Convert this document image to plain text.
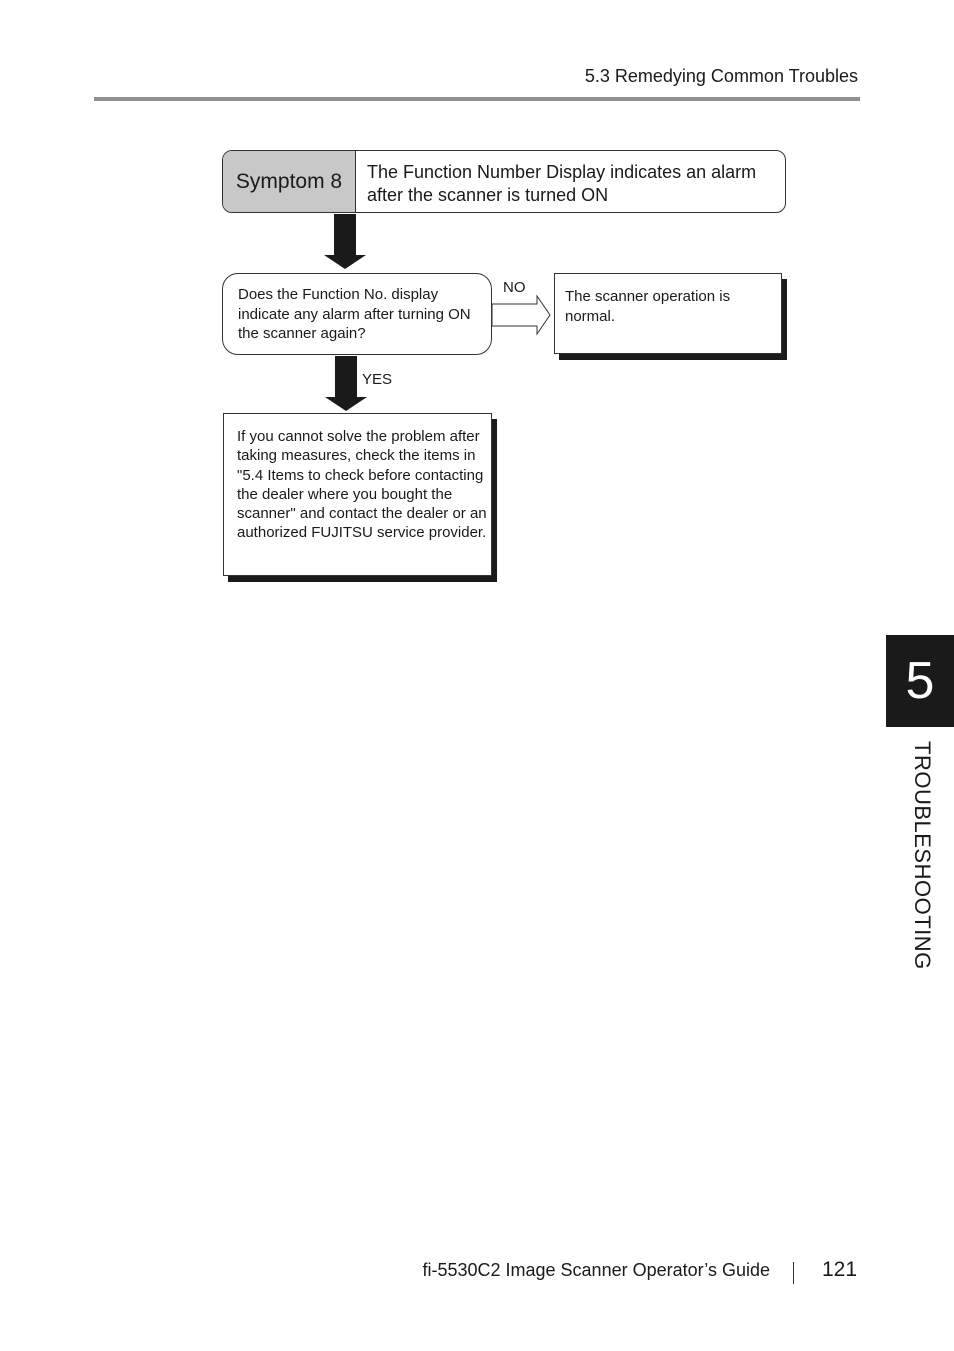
5.3 Remedying Common Troubles
Symptom 8	The Function Number Display indicates an alarm after the scanner is turned ON
Does the Function No. display indicate any alarm after turning ON the scanner again?
NO
The scanner operation is normal.
YES
If you cannot solve the problem after taking measures, check the items in "5.4 Items to check before contacting the dealer where you bought the scanner" and contact the dealer or an authorized FUJITSU service provider.
5
TROUBLESHOOTING
fi-5530C2 Image Scanner Operator’s Guide 121
